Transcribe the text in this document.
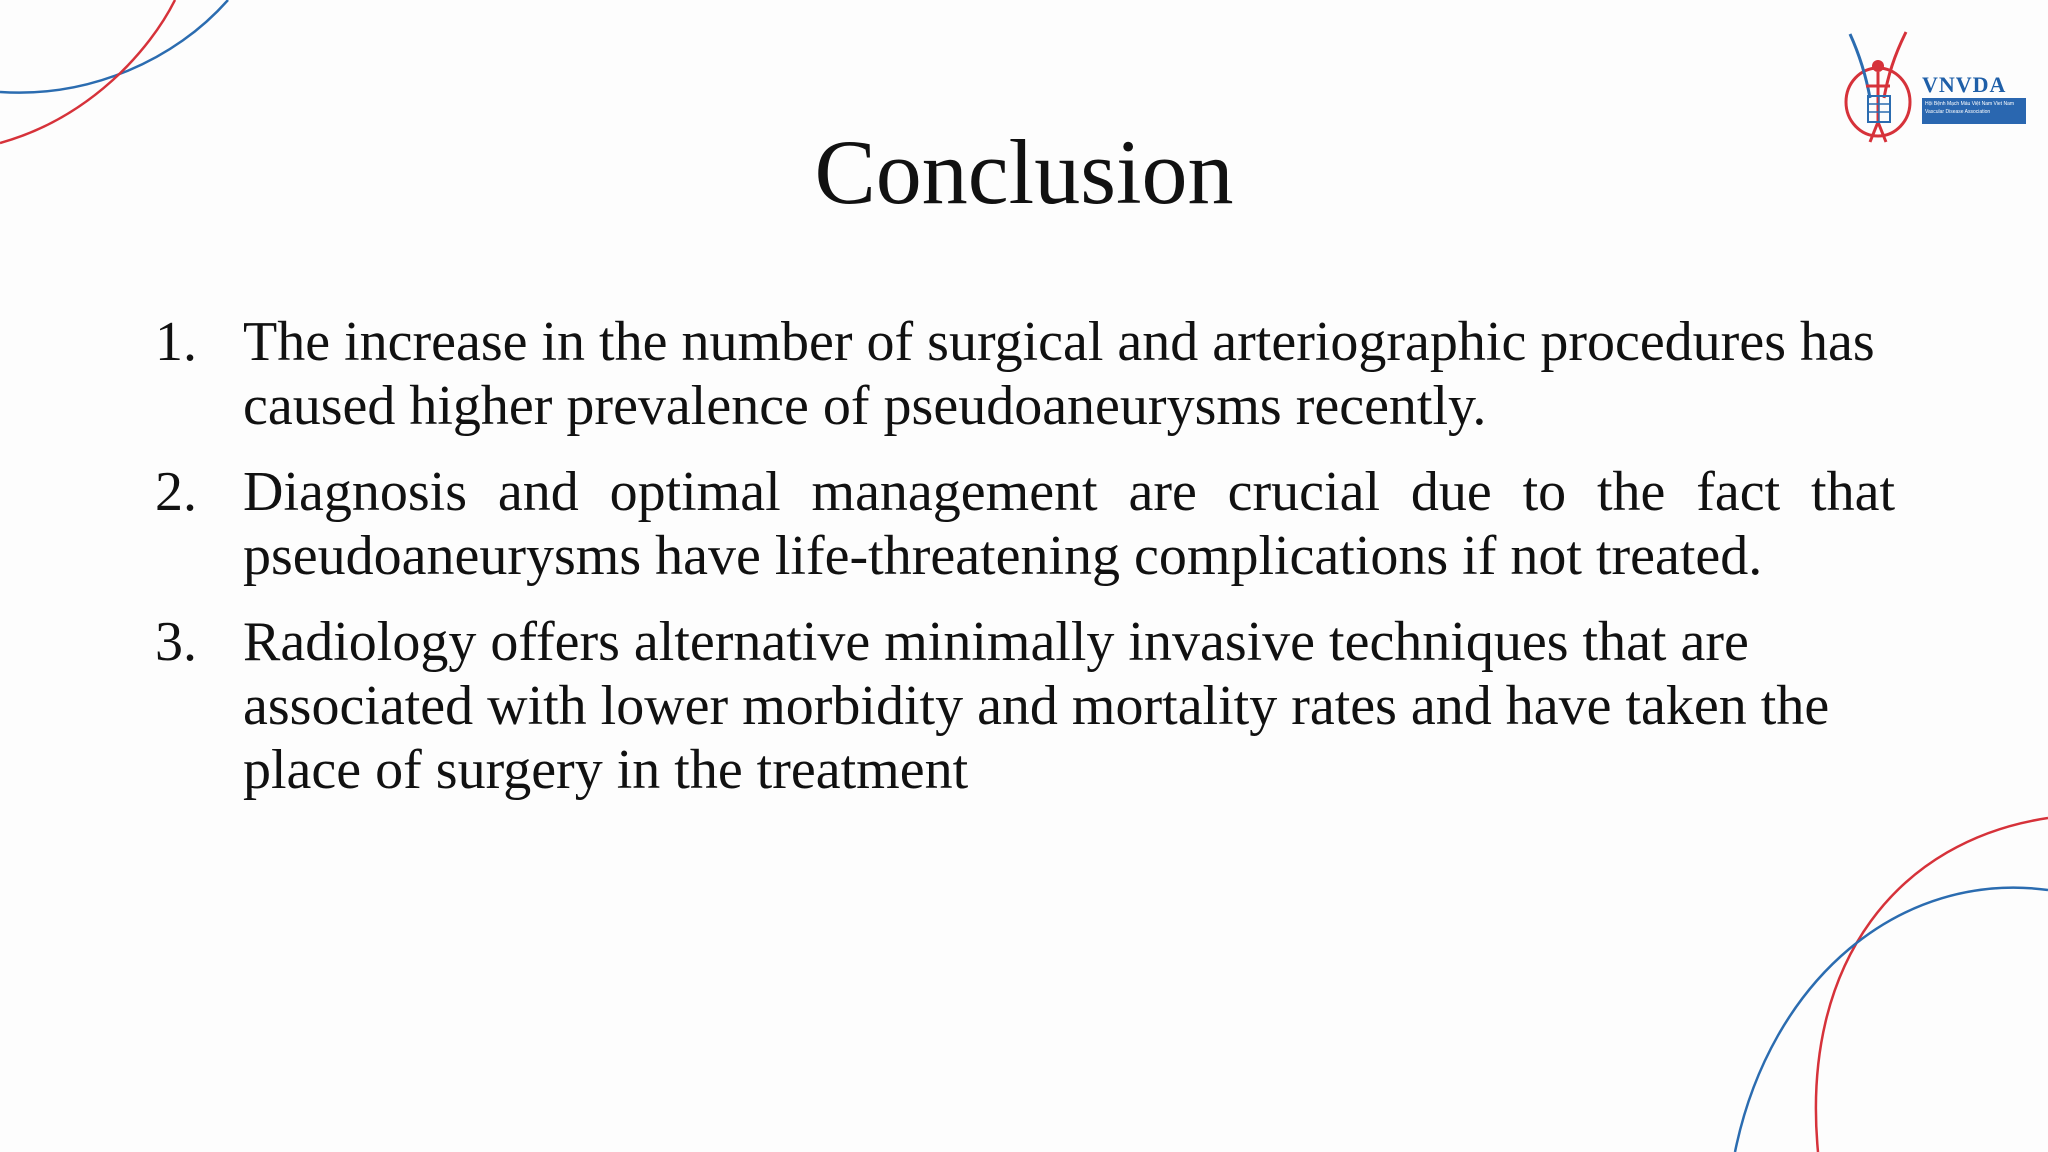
VNVDA
Hội Bệnh Mạch Máu Việt Nam Viet Nam Vascular Disease Association
Conclusion
1. The increase in the number of surgical and arteriographic procedures has caused higher prevalence of pseudoaneurysms recently.
2. Diagnosis and optimal management are crucial due to the fact that pseudoaneurysms have life-threatening complications if not treated.
3. Radiology offers alternative minimally invasive techniques that are associated with lower morbidity and mortality rates and have taken the place of surgery in the treatment
